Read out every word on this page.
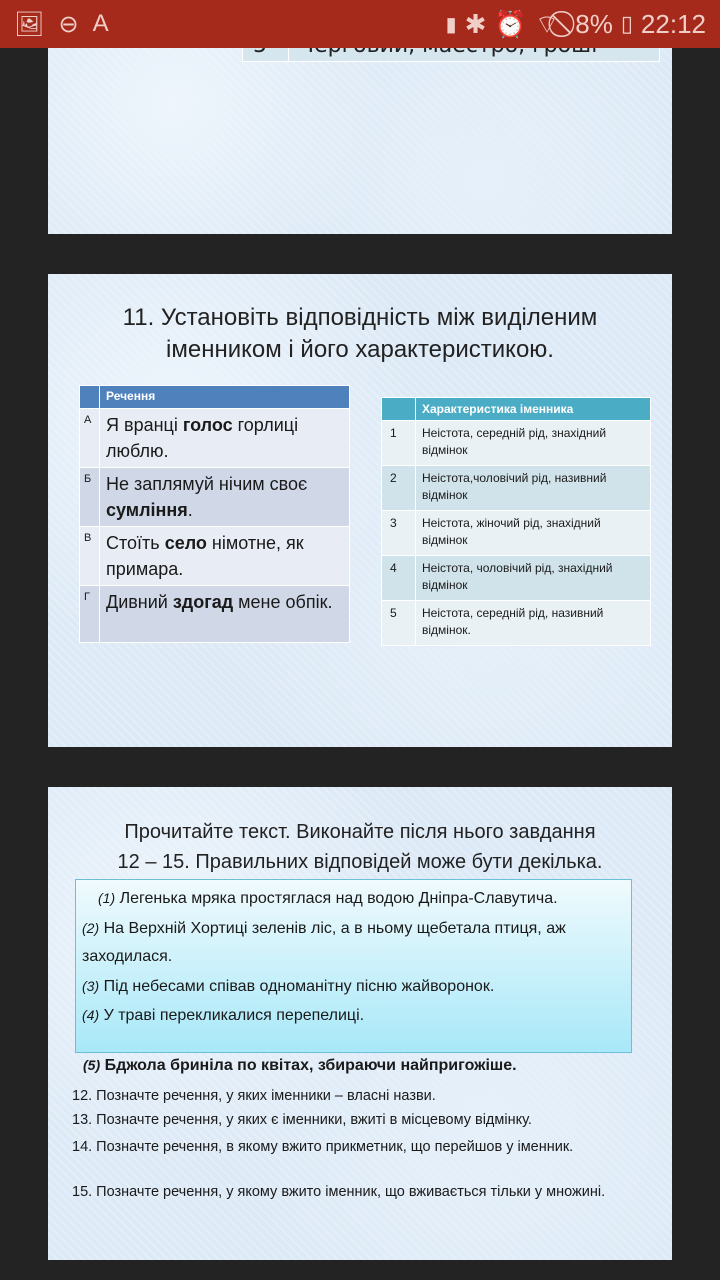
🖼 ⊖ A	▮ ✱ ⏰ ⌔ 8% ▯ 22:12
11. Установіть відповідність між виділеним
іменником і його характеристикою.
	Речення
А	Я вранці голос горлиці люблю.
Б	Не заплямуй нічим своє сумління.
В	Стоїть село німотне, як примара.
Г	Дивний здогад мене обпік.
	Характеристика іменника
1	Неістота, середній рід, знахідний відмінок
2	Неістота,чоловічий рід, називний відмінок
3	Неістота, жіночий рід, знахідний відмінок
4	Неістота, чоловічий рід, знахідний відмінок
5	Неістота, середній рід, називний відмінок.
Прочитайте текст. Виконайте після нього завдання
12 – 15. Правильних відповідей може бути декілька.
(1) Легенька мряка простяглася над водою Дніпра-Славутича.
(2) На Верхній Хортиці зеленів ліс, а в ньому щебетала птиця, аж заходилася.
(3) Під небесами співав одноманітну пісню жайворонок.
(4) У траві перекликалися перепелиці.
(5) Бджола бриніла по квітах, збираючи найпригожіше.
12. Позначте речення, у яких іменники – власні назви.
13. Позначте речення, у яких є іменники, вжиті в місцевому відмінку.
14. Позначте речення, в якому вжито прикметник, що перейшов у іменник.
15. Позначте речення, у якому вжито іменник, що вживається тільки у множині.
